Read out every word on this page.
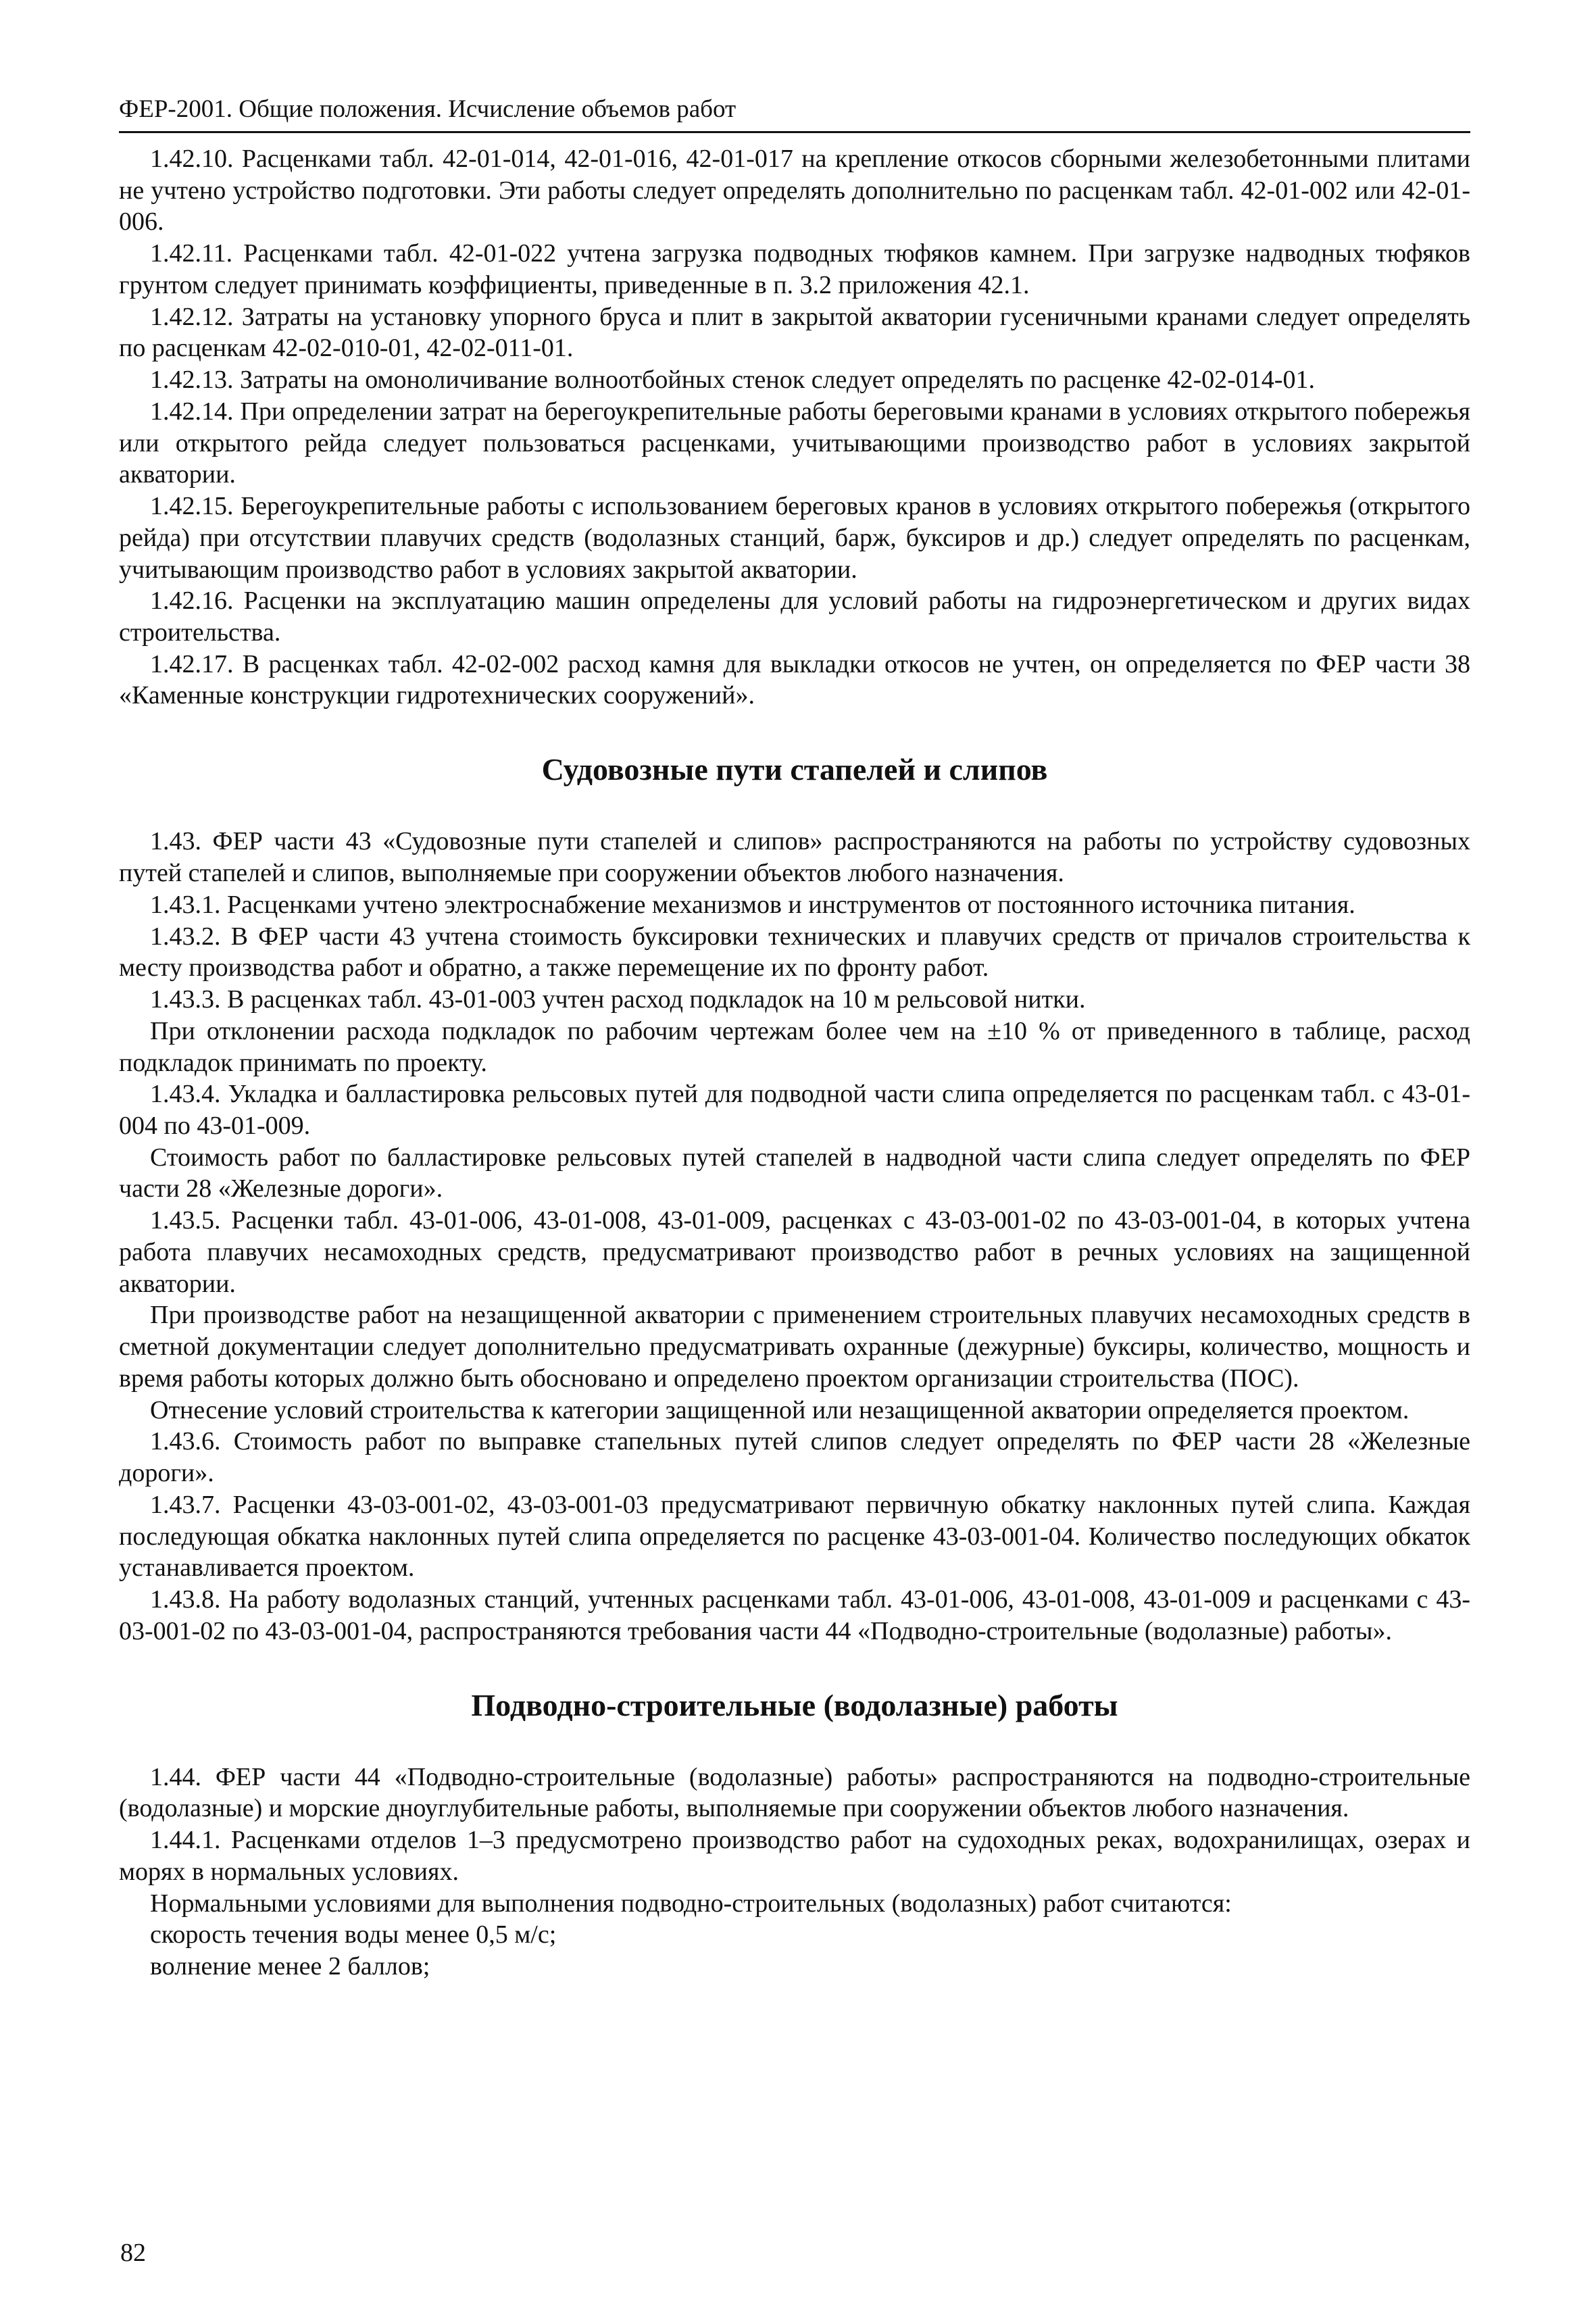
ФЕР-2001. Общие положения. Исчисление объемов работ

1.42.10. Расценками табл. 42-01-014, 42-01-016, 42-01-017 на крепление откосов сборными железобетонными плитами не учтено устройство подготовки. Эти работы следует определять дополнительно по расценкам табл. 42-01-002 или 42-01-006.

1.42.11. Расценками табл. 42-01-022 учтена загрузка подводных тюфяков камнем. При загрузке надводных тюфяков грунтом следует принимать коэффициенты, приведенные в п. 3.2 приложения 42.1.

1.42.12. Затраты на установку упорного бруса и плит в закрытой акватории гусеничными кранами следует определять по расценкам 42-02-010-01, 42-02-011-01.

1.42.13. Затраты на омоноличивание волноотбойных стенок следует определять по расценке 42-02-014-01.

1.42.14. При определении затрат на берегоукрепительные работы береговыми кранами в условиях открытого побережья или открытого рейда следует пользоваться расценками, учитывающими производство работ в условиях закрытой акватории.

1.42.15. Берегоукрепительные работы с использованием береговых кранов в условиях открытого побережья (открытого рейда) при отсутствии плавучих средств (водолазных станций, барж, буксиров и др.) следует определять по расценкам, учитывающим производство работ в условиях закрытой акватории.

1.42.16. Расценки на эксплуатацию машин определены для условий работы на гидроэнергетическом и других видах строительства.

1.42.17. В расценках табл. 42-02-002 расход камня для выкладки откосов не учтен, он определяется по ФЕР части 38 «Каменные конструкции гидротехнических сооружений».

Судовозные пути стапелей и слипов

1.43. ФЕР части 43 «Судовозные пути стапелей и слипов» распространяются на работы по устройству судовозных путей стапелей и слипов, выполняемые при сооружении объектов любого назначения.

1.43.1. Расценками учтено электроснабжение механизмов и инструментов от постоянного источника питания.

1.43.2. В ФЕР части 43 учтена стоимость буксировки технических и плавучих средств от причалов строительства к месту производства работ и обратно, а также перемещение их по фронту работ.

1.43.3. В расценках табл. 43-01-003 учтен расход подкладок на 10 м рельсовой нитки.

При отклонении расхода подкладок по рабочим чертежам более чем на ±10 % от приведенного в таблице, расход подкладок принимать по проекту.

1.43.4. Укладка и балластировка рельсовых путей для подводной части слипа определяется по расценкам табл. с 43-01-004 по 43-01-009.

Стоимость работ по балластировке рельсовых путей стапелей в надводной части слипа следует определять по ФЕР части 28 «Железные дороги».

1.43.5. Расценки табл. 43-01-006, 43-01-008, 43-01-009, расценках с 43-03-001-02 по 43-03-001-04, в которых учтена работа плавучих несамоходных средств, предусматривают производство работ в речных условиях на защищенной акватории.

При производстве работ на незащищенной акватории с применением строительных плавучих несамоходных средств в сметной документации следует дополнительно предусматривать охранные (дежурные) буксиры, количество, мощность и время работы которых должно быть обосновано и определено проектом организации строительства (ПОС).

Отнесение условий строительства к категории защищенной или незащищенной акватории определяется проектом.

1.43.6. Стоимость работ по выправке стапельных путей слипов следует определять по ФЕР части 28 «Железные дороги».

1.43.7. Расценки 43-03-001-02, 43-03-001-03 предусматривают первичную обкатку наклонных путей слипа. Каждая последующая обкатка наклонных путей слипа определяется по расценке 43-03-001-04. Количество последующих обкаток устанавливается проектом.

1.43.8. На работу водолазных станций, учтенных расценками табл. 43-01-006, 43-01-008, 43-01-009 и расценками с 43-03-001-02 по 43-03-001-04, распространяются требования части 44 «Подводно-строительные (водолазные) работы».

Подводно-строительные (водолазные) работы

1.44. ФЕР части 44 «Подводно-строительные (водолазные) работы» распространяются на подводно-строительные (водолазные) и морские дноуглубительные работы, выполняемые при сооружении объектов любого назначения.

1.44.1. Расценками отделов 1–3 предусмотрено производство работ на судоходных реках, водохранилищах, озерах и морях в нормальных условиях.

Нормальными условиями для выполнения подводно-строительных (водолазных) работ считаются:

скорость течения воды менее 0,5 м/с;

волнение менее 2 баллов;

82
